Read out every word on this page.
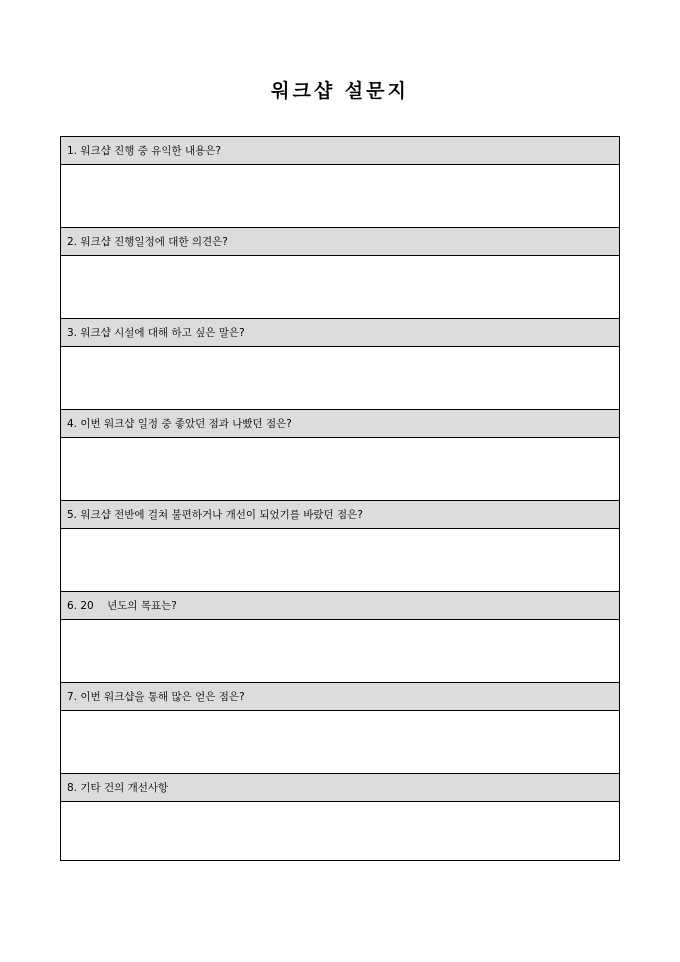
워크샵 설문지
1.
워크샵 진행 중 유익한 내용은?
2.
워크샵 진행일정에 대한 의견은?
3.
워크샵 시설에 대해 하고 싶은 말은?
4.
이번 워크샵 일정 중 좋았던 점과 나빴던 점은?
5.
워크샵 전반에 걸쳐 불편하거나 개선이 되었기를 바랐던 점은?
6.
20    년도의 목표는?
7.
이번 워크샵을 통해 많은 얻은 점은?
8.
기타 건의 개선사항
